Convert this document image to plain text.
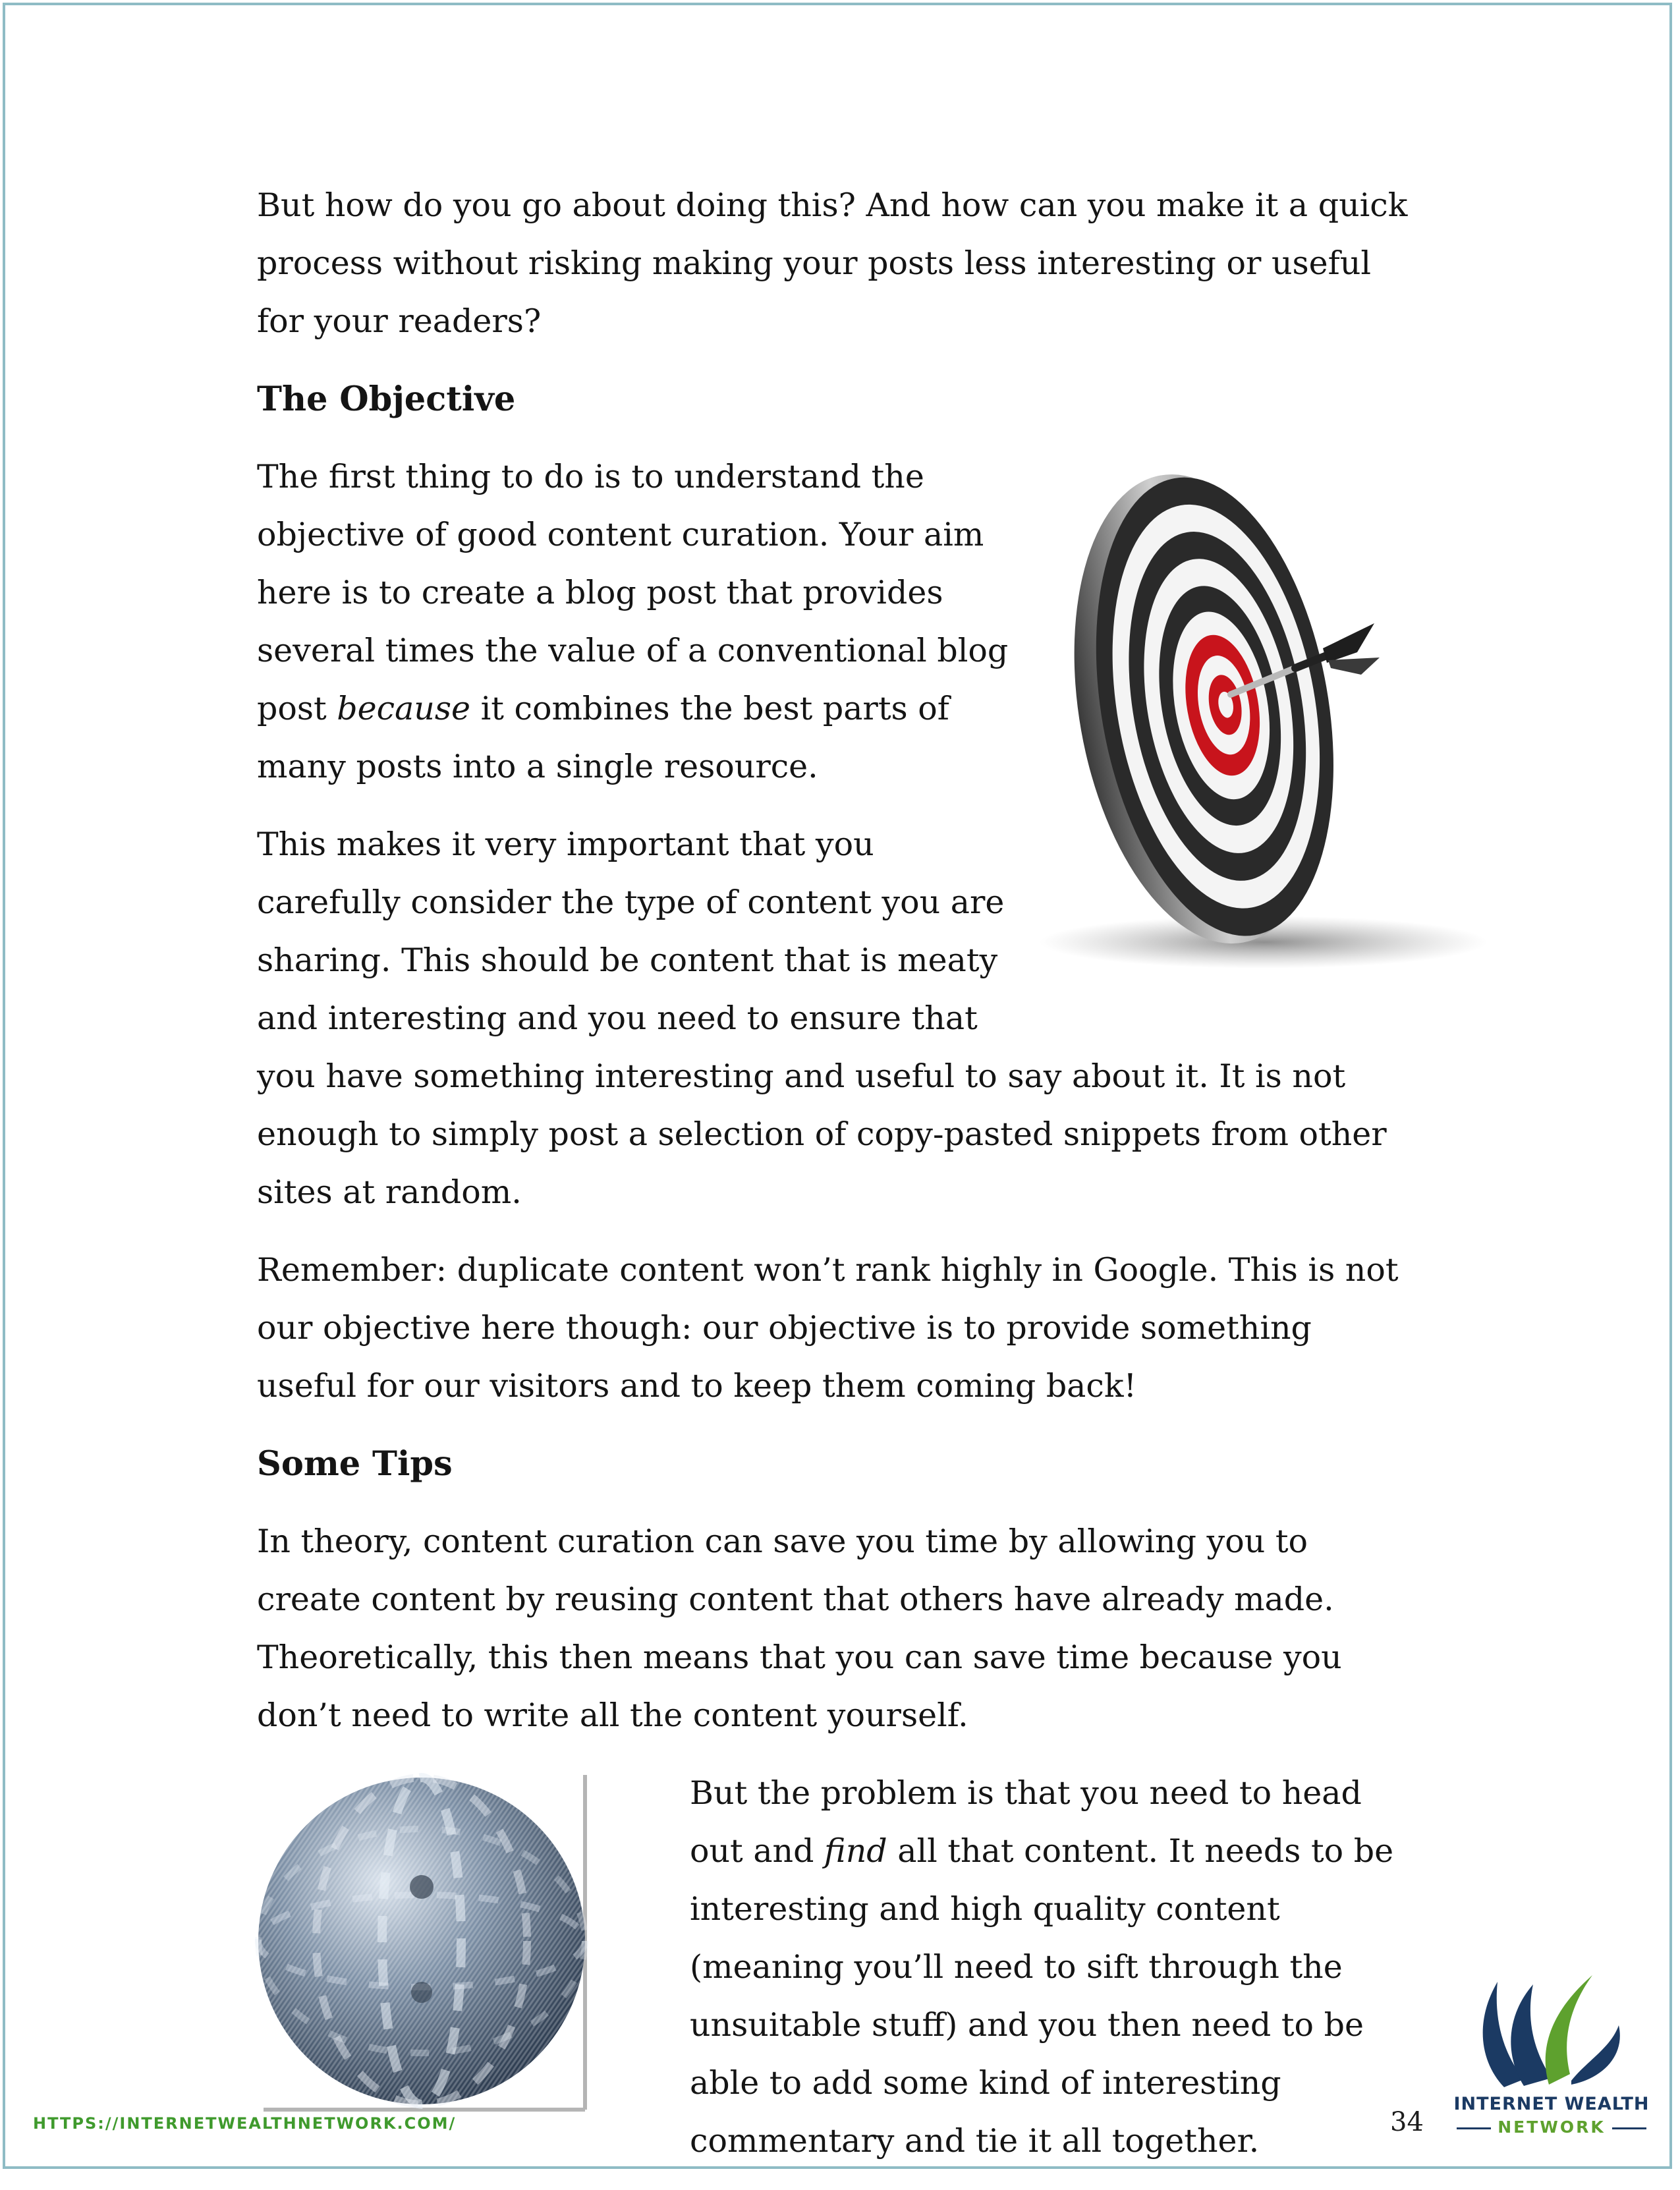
But how do you go about doing this? And how can you make it a quick process without risking making your posts less interesting or useful for your readers?

The Objective

The first thing to do is to understand the objective of good content curation. Your aim here is to create a blog post that provides several times the value of a conventional blog post because it combines the best parts of many posts into a single resource.

This makes it very important that you carefully consider the type of content you are sharing. This should be content that is meaty and interesting and you need to ensure that you have something interesting and useful to say about it. It is not enough to simply post a selection of copy-pasted snippets from other sites at random.

Remember: duplicate content won’t rank highly in Google. This is not our objective here though: our objective is to provide something useful for our visitors and to keep them coming back!

Some Tips

In theory, content curation can save you time by allowing you to create content by reusing content that others have already made. Theoretically, this then means that you can save time because you don’t need to write all the content yourself.

But the problem is that you need to head out and find all that content. It needs to be interesting and high quality content (meaning you’ll need to sift through the unsuitable stuff) and you then need to be able to add some kind of interesting commentary and tie it all together.

HTTPS://INTERNETWEALTHNETWORK.COM/	34
INTERNET WEALTH
NETWORK
